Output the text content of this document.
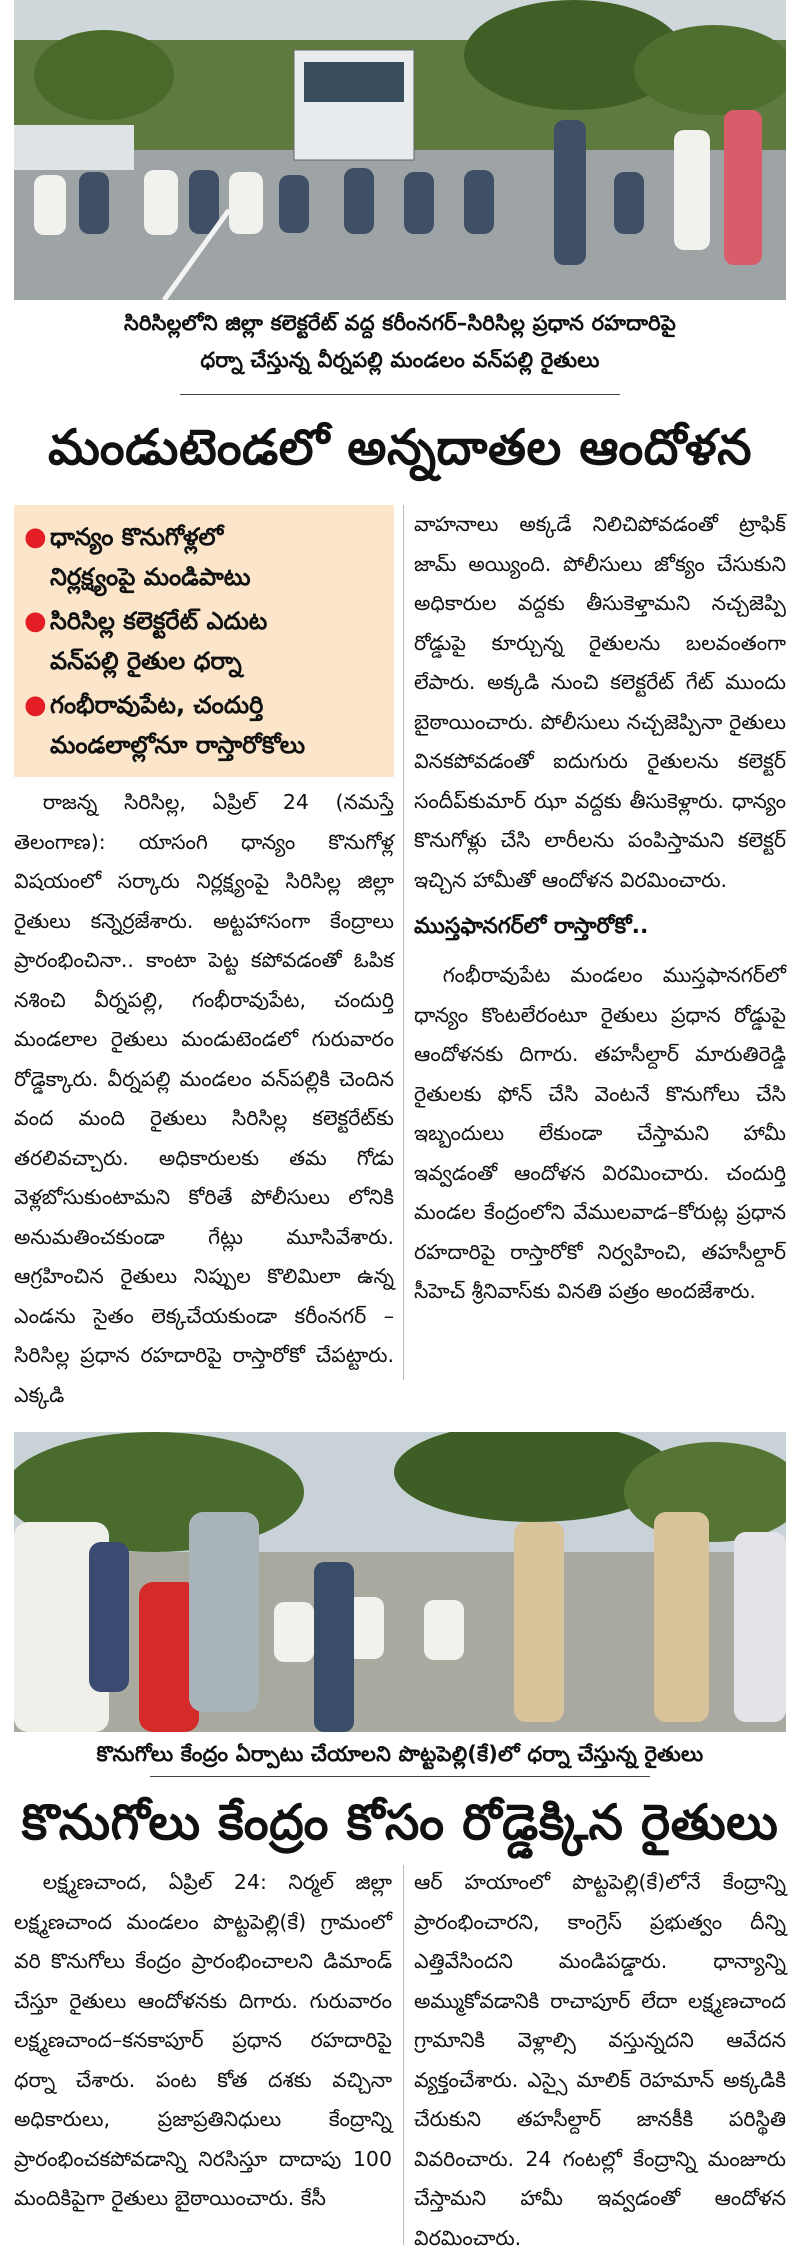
సిరిసిల్లలోని జిల్లా కలెక్టరేట్‌ వద్ద కరీంనగర్‌–సిరిసిల్ల ప్రధాన రహదారిపై
ధర్నా చేస్తున్న వీర్నపల్లి మండలం వన్‌పల్లి రైతులు
మండుటెండలో అన్నదాతల ఆందోళన
● ధాన్యం కొనుగోళ్లలో
నిర్లక్ష్యంపై మండిపాటు
● సిరిసిల్ల కలెక్టరేట్‌ ఎదుట
వన్‌పల్లి రైతుల ధర్నా
● గంభీరావుపేట, చందుర్తి
మండలాల్లోనూ రాస్తారోకోలు

రాజన్న సిరిసిల్ల, ఏప్రిల్‌ 24 (నమస్తే తెలంగాణ): యాసంగి ధాన్యం కొనుగోళ్ల విషయంలో సర్కారు నిర్లక్ష్యంపై సిరిసిల్ల జిల్లా రైతులు కన్నెర్రజేశారు. అట్టహాసంగా కేంద్రాలు ప్రారంభించినా.. కాంటా పెట్ట కపోవడంతో ఓపిక నశించి వీర్నపల్లి, గంభీరావుపేట, చందుర్తి మండలాల రైతులు మండుటెండలో గురువారం రోడ్డెక్కారు. వీర్నపల్లి మండలం వన్‌పల్లికి చెందిన వంద మంది రైతులు సిరిసిల్ల కలెక్టరేట్‌కు తరలివచ్చారు. అధికారులకు తమ గోడు వెళ్లబోసుకుంటామని కోరితే పోలీసులు లోనికి అనుమతించకుండా గేట్లు మూసివేశారు. ఆగ్రహించిన రైతులు నిప్పుల కొలిమిలా ఉన్న ఎండను సైతం లెక్కచేయకుండా కరీంనగర్‌ – సిరిసిల్ల ప్రధాన రహదారిపై రాస్తారోకో చేపట్టారు. ఎక్కడి

వాహనాలు అక్కడే నిలిచిపోవడంతో ట్రాఫిక్‌ జామ్‌ అయ్యింది. పోలీసులు జోక్యం చేసుకుని అధికారుల వద్దకు తీసుకెళ్తామని నచ్చజెప్పి రోడ్డుపై కూర్చున్న రైతులను బలవంతంగా లేపారు. అక్కడి నుంచి కలెక్టరేట్‌ గేట్‌ ముందు బైఠాయించారు. పోలీసులు నచ్చజెప్పినా రైతులు వినకపోవడంతో ఐదుగురు రైతులను కలెక్టర్‌ సందీప్‌కుమార్‌ ఝా వద్దకు తీసుకెళ్లారు. ధాన్యం కొనుగోళ్లు చేసి లారీలను పంపిస్తామని కలెక్టర్‌ ఇచ్చిన హామీతో ఆందోళన విరమించారు.

ముస్తఫానగర్‌లో రాస్తారోకో..

గంభీరావుపేట మండలం ముస్తఫానగర్‌లో ధాన్యం కొంటలేరంటూ రైతులు ప్రధాన రోడ్డుపై ఆందోళనకు దిగారు. తహసీల్దార్‌ మారుతిరెడ్డి రైతులకు ఫోన్‌ చేసి వెంటనే కొనుగోలు చేసి ఇబ్బందులు లేకుండా చేస్తామని హామీ ఇవ్వడంతో ఆందోళన విరమించారు. చందుర్తి మండల కేంద్రంలోని వేములవాడ–కోరుట్ల ప్రధాన రహదారిపై రాస్తారోకో నిర్వహించి, తహసీల్దార్‌ సీహెచ్‌ శ్రీనివాస్‌కు వినతి పత్రం అందజేశారు.

కొనుగోలు కేంద్రం ఏర్పాటు చేయాలని పొట్టపెల్లి(కే)లో ధర్నా చేస్తున్న రైతులు
కొనుగోలు కేంద్రం కోసం రోడ్డెక్కిన రైతులు

లక్ష్మణచాంద, ఏప్రిల్‌ 24: నిర్మల్‌ జిల్లా లక్ష్మణచాంద మండలం పొట్టపెల్లి(కే) గ్రామంలో వరి కొనుగోలు కేంద్రం ప్రారంభించాలని డిమాండ్‌ చేస్తూ రైతులు ఆందోళనకు దిగారు. గురువారం లక్ష్మణచాంద–కనకాపూర్‌ ప్రధాన రహదారిపై ధర్నా చేశారు. పంట కోత దశకు వచ్చినా అధికారులు, ప్రజాప్రతినిధులు కేంద్రాన్ని ప్రారంభించకపోవడాన్ని నిరసిస్తూ దాదాపు 100 మందికిపైగా రైతులు బైఠాయించారు. కేసీ

ఆర్‌ హయాంలో పొట్టపెల్లి(కే)లోనే కేంద్రాన్ని ప్రారంభించారని, కాంగ్రెస్‌ ప్రభుత్వం దీన్ని ఎత్తివేసిందని మండిపడ్డారు. ధాన్యాన్ని అమ్ముకోవడానికి రాచాపూర్‌ లేదా లక్ష్మణచాంద గ్రామానికి వెళ్లాల్సి వస్తున్నదని ఆవేదన వ్యక్తంచేశారు. ఎస్సై మాలిక్‌ రెహమాన్‌ అక్కడికి చేరుకుని తహసీల్దార్‌ జానకీకి పరిస్థితి వివరించారు. 24 గంటల్లో కేంద్రాన్ని మంజూరు చేస్తామని హామీ ఇవ్వడంతో ఆందోళన విరమించారు.
